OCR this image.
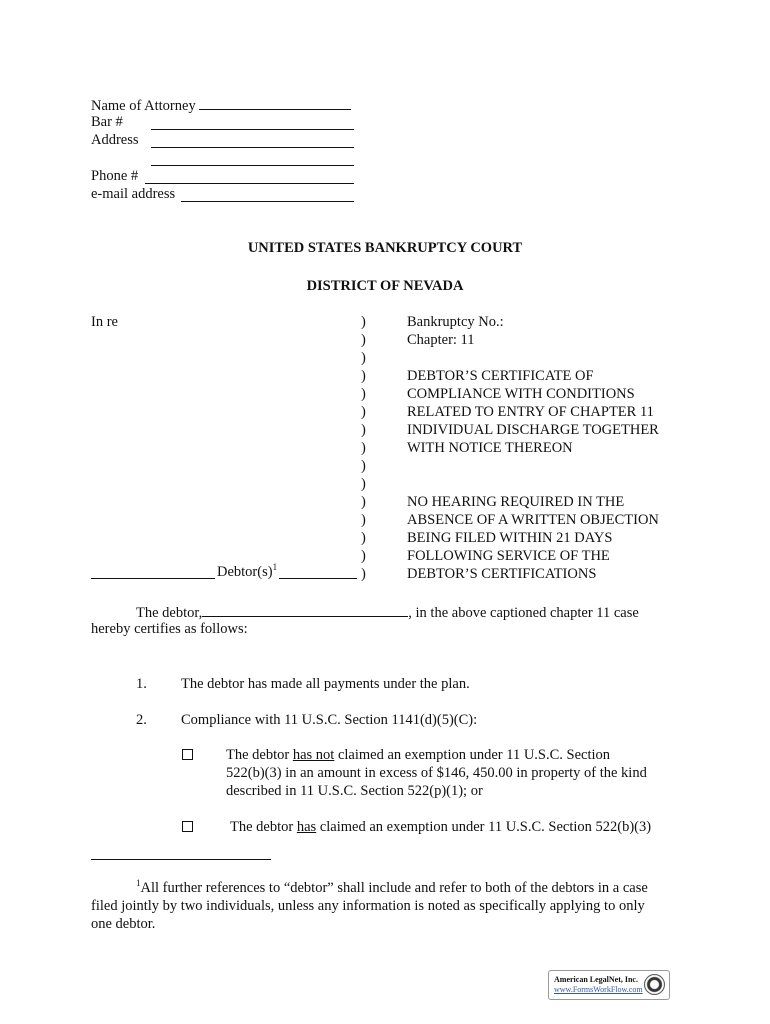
Name of Attorney
Bar #
Address
Phone #
e-mail address
UNITED STATES BANKRUPTCY COURT
DISTRICT OF NEVADA
In re	)
)
)
)
)
)
)
)
)
)
)
)
)
)
)
$Debtor(s)^1$
Bankruptcy No.:
Chapter: 11
DEBTOR’S CERTIFICATE OF
COMPLIANCE WITH CONDITIONS
RELATED TO ENTRY OF CHAPTER 11
INDIVIDUAL DISCHARGE TOGETHER
WITH NOTICE THEREON
NO HEARING REQUIRED IN THE
ABSENCE OF A WRITTEN OBJECTION
BEING FILED WITHIN 21 DAYS
FOLLOWING SERVICE OF THE
DEBTOR’S CERTIFICATIONS
The debtor,	, in the above captioned chapter 11 case
hereby certifies as follows:
1. The debtor has made all payments under the plan.
2. Compliance with 11 U.S.C. Section 1141(d)(5)(C):
The debtor has not claimed an exemption under 11 U.S.C. Section
522(b)(3) in an amount in excess of $146, 450.00 in property of the kind
described in 11 U.S.C. Section 522(p)(1); or
The debtor has claimed an exemption under 11 U.S.C. Section 522(b)(3)
$^1$All further references to “debtor” shall include and refer to both of the debtors in a case
filed jointly by two individuals, unless any information is noted as specifically applying to only
one debtor.
American LegalNet, Inc.
www.FormsWorkFlow.com
